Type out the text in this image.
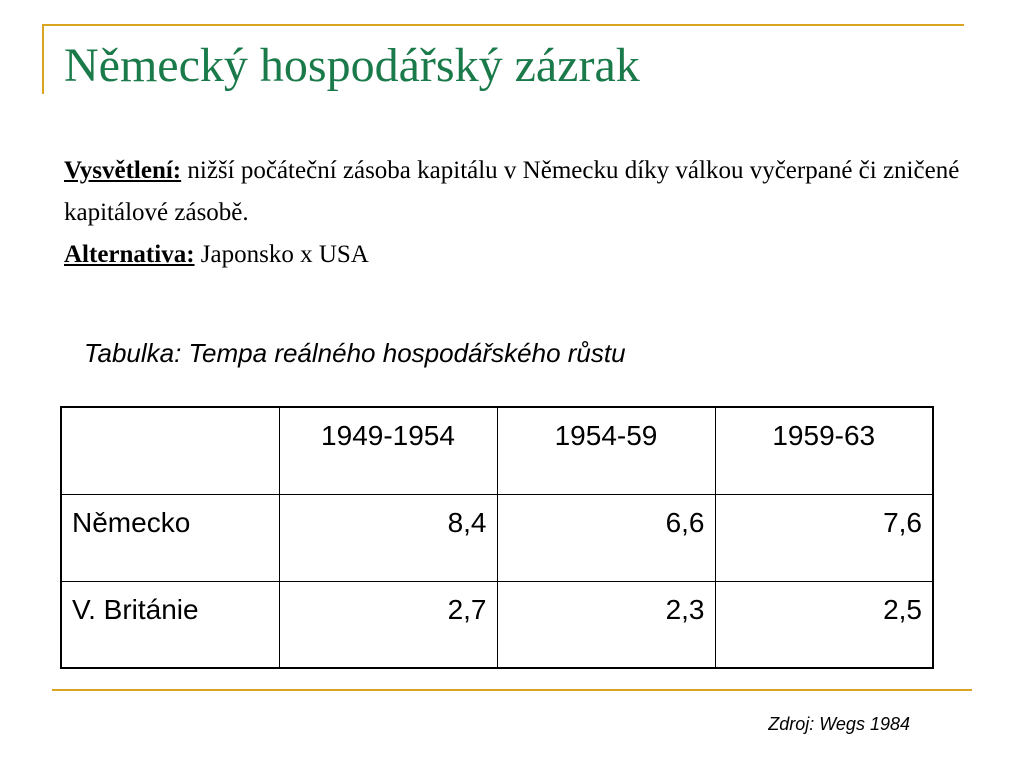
Německý hospodářský zázrak
Vysvětlení: nižší počáteční zásoba kapitálu v Německu díky válkou vyčerpané či zničené kapitálové zásobě.
Alternativa: Japonsko x USA
Tabulka: Tempa reálného hospodářského růstu

	1949-1954	1954-59	1959-63

Německo	8,4	6,6	7,6

V. Británie	2,7	2,3	2,5
Zdroj: Wegs 1984
